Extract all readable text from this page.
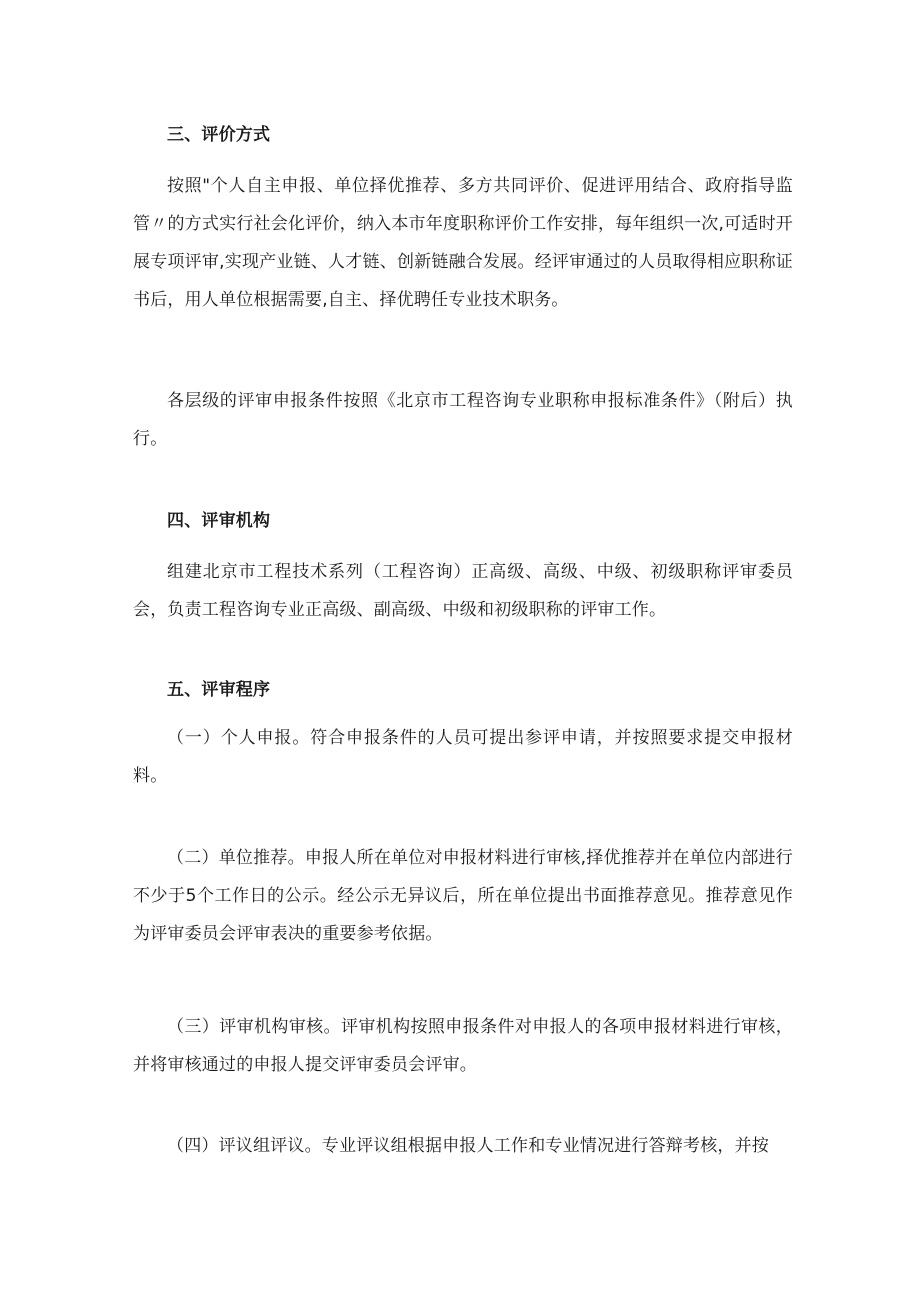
三、评价方式
按照"个人自主申报、单位择优推荐、多方共同评价、促进评用结合、政府指导监管〃的方式实行社会化评价，纳入本市年度职称评价工作安排，每年组织一次,可适时开展专项评审,实现产业链、人才链、创新链融合发展。经评审通过的人员取得相应职称证书后，用人单位根据需要,自主、择优聘任专业技术职务。
各层级的评审申报条件按照《北京市工程咨询专业职称申报标准条件》（附后）执行。
四、评审机构
组建北京市工程技术系列（工程咨询）正高级、高级、中级、初级职称评审委员会，负责工程咨询专业正高级、副高级、中级和初级职称的评审工作。
五、评审程序
（一）个人申报。符合申报条件的人员可提出参评申请，并按照要求提交申报材料。
（二）单位推荐。申报人所在单位对申报材料进行审核,择优推荐并在单位内部进行不少于5个工作日的公示。经公示无异议后，所在单位提出书面推荐意见。推荐意见作为评审委员会评审表决的重要参考依据。
（三）评审机构审核。评审机构按照申报条件对申报人的各项申报材料进行审核，并将审核通过的申报人提交评审委员会评审。
（四）评议组评议。专业评议组根据申报人工作和专业情况进行答辩考核，并按
